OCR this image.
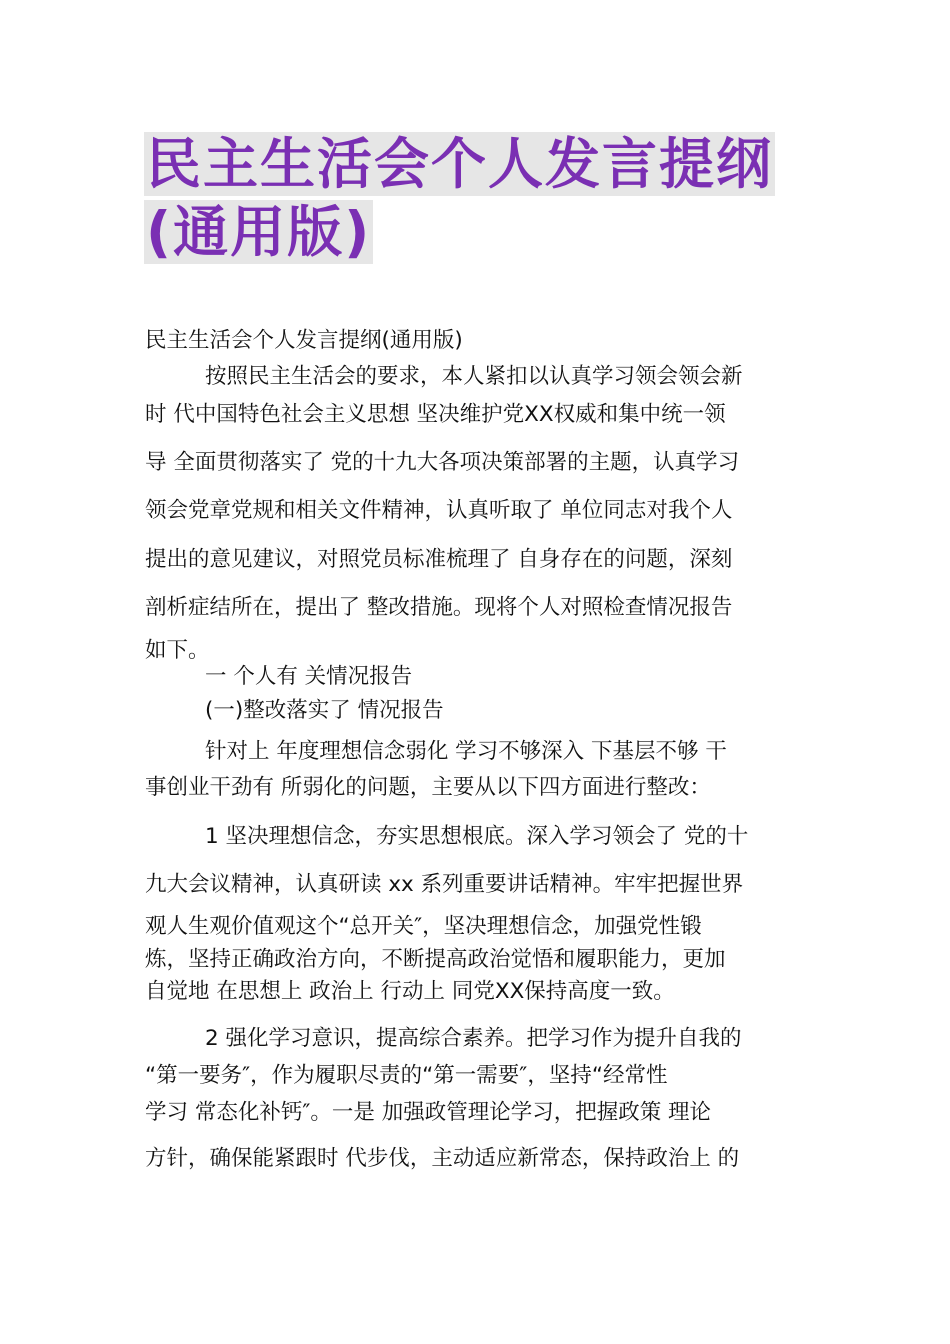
民主生活会个人发言提纲
(通用版)
民主生活会个人发言提纲(通用版)
按照民主生活会的要求，本人紧扣以认真学习领会领会新
时 代中国特色社会主义思想 坚决维护党XX权威和集中统一领
导 全面贯彻落实了 党的十九大各项决策部署的主题，认真学习
领会党章党规和相关文件精神，认真听取了 单位同志对我个人
提出的意见建议，对照党员标准梳理了 自身存在的问题，深刻
剖析症结所在，提出了 整改措施。现将个人对照检查情况报告
如下。
一 个人有 关情况报告
(一)整改落实了 情况报告
针对上 年度理想信念弱化 学习不够深入 下基层不够 干
事创业干劲有 所弱化的问题，主要从以下四方面进行整改：
1 坚决理想信念，夯实思想根底。深入学习领会了 党的十
九大会议精神，认真研读 xx 系列重要讲话精神。牢牢把握世界
观人生观价值观这个“总开关″，坚决理想信念，加强党性锻
炼，坚持正确政治方向，不断提高政治觉悟和履职能力，更加
自觉地 在思想上 政治上 行动上 同党XX保持高度一致。
2 强化学习意识，提高综合素养。把学习作为提升自我的
“第一要务″，作为履职尽责的“第一需要″，坚持“经常性
学习 常态化补钙″。一是 加强政管理论学习，把握政策 理论
方针，确保能紧跟时 代步伐，主动适应新常态，保持政治上 的
